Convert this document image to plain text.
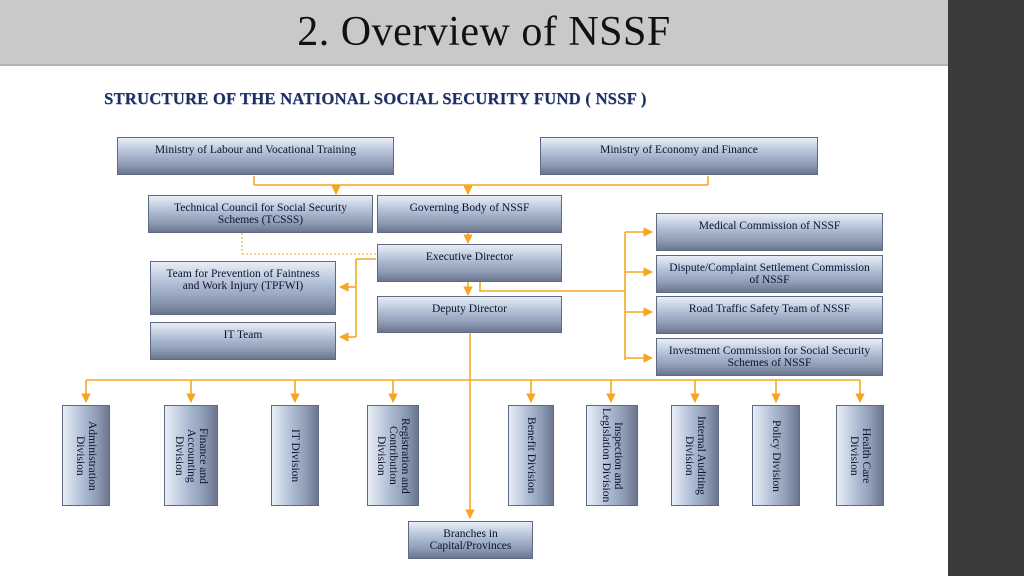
2. Overview of NSSF
STRUCTURE OF THE NATIONAL SOCIAL SECURITY FUND ( NSSF )
Ministry of Labour and Vocational Training	Ministry of Economy and Finance
Technical Council for Social Security Schemes (TCSSS)
Governing Body of NSSF
Executive Director
Team for Prevention of Faintness and Work Injury (TPFWI)
IT Team
Deputy Director
Medical Commission of NSSF
Dispute/Complaint Settlement Commission of NSSF
Road Traffic Safety Team of NSSF
Investment Commission for Social Security Schemes of NSSF
Administration Division	Finance and Accounting Division	IT Division	Registration and Contribution Division	Benefit Division	Inspection and Legislation Division	Internal Auditing Division	Policy Division	Health Care Division
Branches in Capital/Provinces
